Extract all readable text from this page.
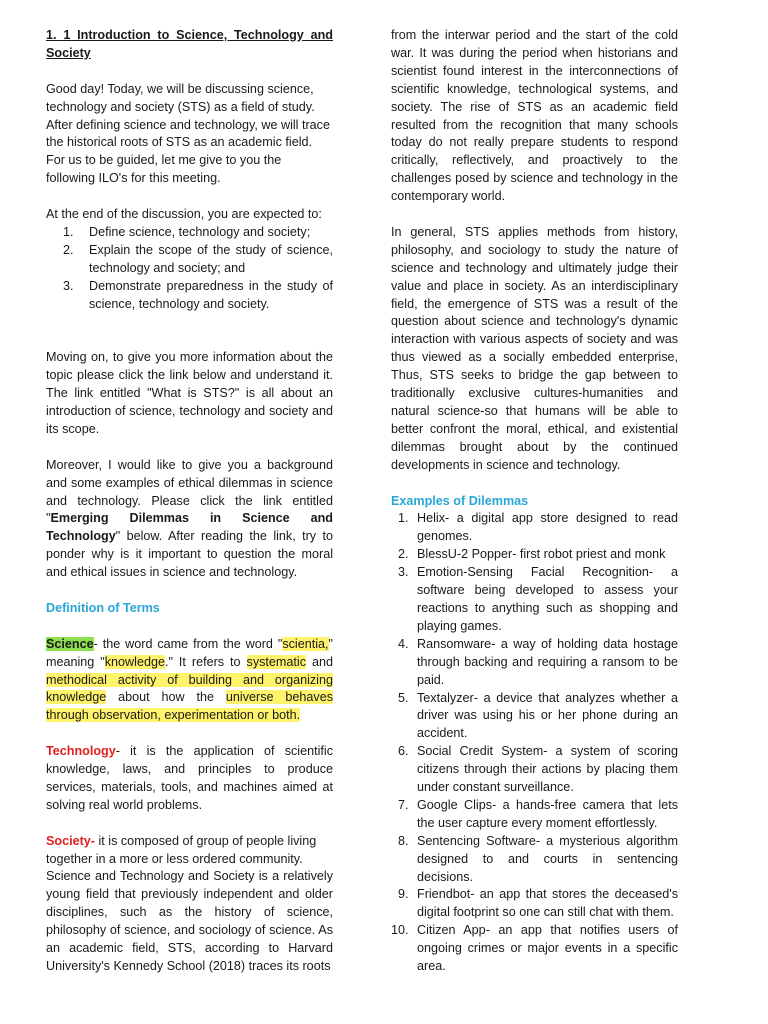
1. 1 Introduction to Science, Technology and Society

Good day! Today, we will be discussing science, technology and society (STS) as a field of study. After defining science and technology, we will trace the historical roots of STS as an academic field.

For us to be guided, let me give to you the following ILO's for this meeting.

At the end of the discussion, you are expected to:

1. Define science, technology and society;
2. Explain the scope of the study of science, technology and society; and
3. Demonstrate preparedness in the study of science, technology and society.

Moving on, to give you more information about the topic please click the link below and understand it. The link entitled "What is STS?" is all about an introduction of science, technology and society and its scope.

Moreover, I would like to give you a background and some examples of ethical dilemmas in science and technology. Please click the link entitled "Emerging Dilemmas in Science and Technology" below. After reading the link, try to ponder why is it important to question the moral and ethical issues in science and technology.

Definition of Terms

Science- the word came from the word "scientia," meaning "knowledge." It refers to systematic and methodical activity of building and organizing knowledge about how the universe behaves through observation, experimentation or both.

Technology- it is the application of scientific knowledge, laws, and principles to produce services, materials, tools, and machines aimed at solving real world problems.

Society- it is composed of group of people living together in a more or less ordered community.

Science and Technology and Society is a relatively young field that previously independent and older disciplines, such as the history of science, philosophy of science, and sociology of science. As an academic field, STS, according to Harvard University's Kennedy School (2018) traces its roots

from the interwar period and the start of the cold war. It was during the period when historians and scientist found interest in the interconnections of scientific knowledge, technological systems, and society. The rise of STS as an academic field resulted from the recognition that many schools today do not really prepare students to respond critically, reflectively, and proactively to the challenges posed by science and technology in the contemporary world.

In general, STS applies methods from history, philosophy, and sociology to study the nature of science and technology and ultimately judge their value and place in society. As an interdisciplinary field, the emergence of STS was a result of the question about science and technology's dynamic interaction with various aspects of society and was thus viewed as a socially embedded enterprise, Thus, STS seeks to bridge the gap between to traditionally exclusive cultures-humanities and natural science-so that humans will be able to better confront the moral, ethical, and existential dilemmas brought about by the continued developments in science and technology.

Examples of Dilemmas

1. Helix- a digital app store designed to read genomes.
2. BlessU-2 Popper- first robot priest and monk
3. Emotion-Sensing Facial Recognition- a software being developed to assess your reactions to anything such as shopping and playing games.
4. Ransomware- a way of holding data hostage through backing and requiring a ransom to be paid.
5. Textalyzer- a device that analyzes whether a driver was using his or her phone during an accident.
6. Social Credit System- a system of scoring citizens through their actions by placing them under constant surveillance.
7. Google Clips- a hands-free camera that lets the user capture every moment effortlessly.
8. Sentencing Software- a mysterious algorithm designed to and courts in sentencing decisions.
9. Friendbot- an app that stores the deceased's digital footprint so one can still chat with them.
10. Citizen App- an app that notifies users of ongoing crimes or major events in a specific area.
